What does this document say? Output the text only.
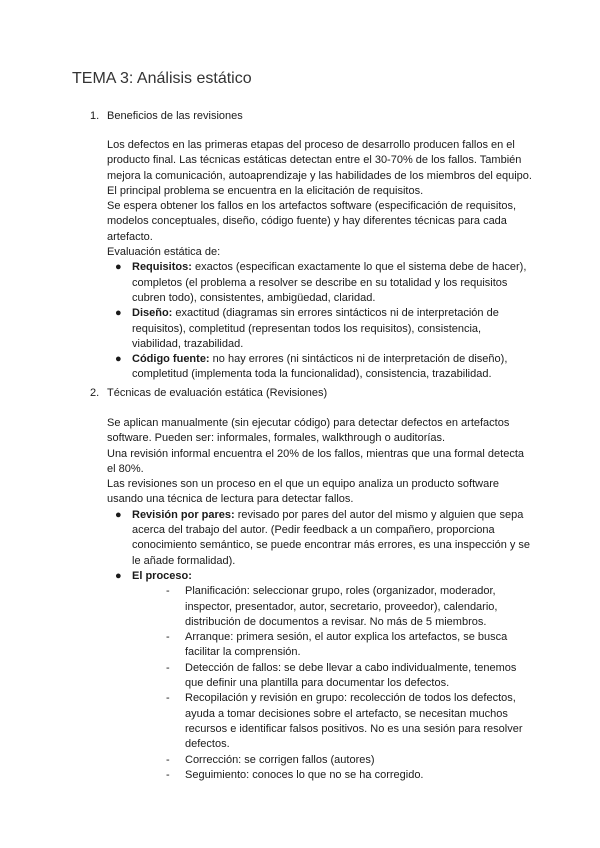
TEMA 3: Análisis estático
1. Beneficios de las revisiones

Los defectos en las primeras etapas del proceso de desarrollo producen fallos en el producto final. Las técnicas estáticas detectan entre el 30-70% de los fallos. También mejora la comunicación, autoaprendizaje y las habilidades de los miembros del equipo. El principal problema se encuentra en la elicitación de requisitos.

Se espera obtener los fallos en los artefactos software (especificación de requisitos, modelos conceptuales, diseño, código fuente) y hay diferentes técnicas para cada artefacto.

Evaluación estática de:

● Requisitos: exactos (especifican exactamente lo que el sistema debe de hacer), completos (el problema a resolver se describe en su totalidad y los requisitos cubren todo), consistentes, ambigüedad, claridad.
● Diseño: exactitud (diagramas sin errores sintácticos ni de interpretación de requisitos), completitud (representan todos los requisitos), consistencia, viabilidad, trazabilidad.
● Código fuente: no hay errores (ni sintácticos ni de interpretación de diseño), completitud (implementa toda la funcionalidad), consistencia, trazabilidad.
2. Técnicas de evaluación estática (Revisiones)

Se aplican manualmente (sin ejecutar código) para detectar defectos en artefactos software. Pueden ser: informales, formales, walkthrough o auditorías.

Una revisión informal encuentra el 20% de los fallos, mientras que una formal detecta el 80%.

Las revisiones son un proceso en el que un equipo analiza un producto software usando una técnica de lectura para detectar fallos.

● Revisión por pares: revisado por pares del autor del mismo y alguien que sepa acerca del trabajo del autor. (Pedir feedback a un compañero, proporciona conocimiento semántico, se puede encontrar más errores, es una inspección y se le añade formalidad).
● El proceso:
- Planificación: seleccionar grupo, roles (organizador, moderador, inspector, presentador, autor, secretario, proveedor), calendario, distribución de documentos a revisar. No más de 5 miembros.
- Arranque: primera sesión, el autor explica los artefactos, se busca facilitar la comprensión.
- Detección de fallos: se debe llevar a cabo individualmente, tenemos que definir una plantilla para documentar los defectos.
- Recopilación y revisión en grupo: recolección de todos los defectos, ayuda a tomar decisiones sobre el artefacto, se necesitan muchos recursos e identificar falsos positivos. No es una sesión para resolver defectos.
- Corrección: se corrigen fallos (autores)
- Seguimiento: conoces lo que no se ha corregido.
